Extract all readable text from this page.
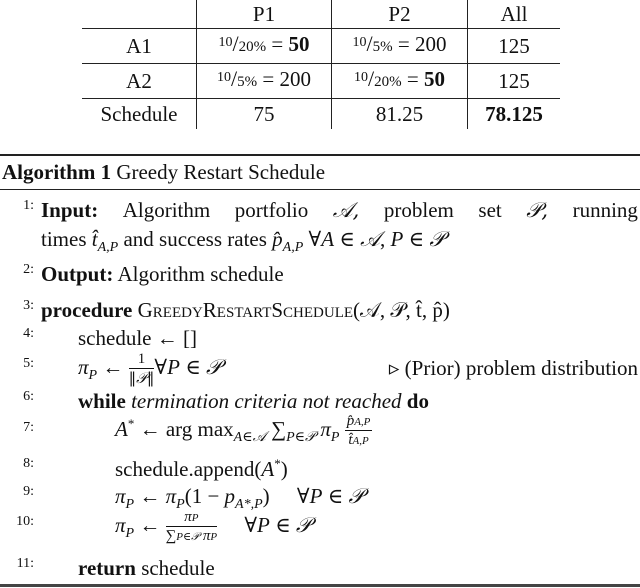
	P1	P2	All
A1	$^{10}$/20% = 50	$^{10}$/5% = 200	125
A2	$^{10}$/5% = 200	$^{10}$/20% = 50	125
Schedule	75	81.25	78.125
Algorithm 1 Greedy Restart Schedule
1: Input: Algorithm portfolio 𝒜, problem set 𝒫, running
times $t̂_{A,P}$ and success rates $p̂_{A,P}$ ∀A ∈ 𝒜, P ∈ 𝒫
2: Output: Algorithm schedule
3: procedure GreedyRestartSchedule(𝒜, 𝒫, t̂, p̂)
4: schedule ← []
5: $\pi_P$ ← 1
‖𝒫‖ ∀P ∈ 𝒫	▹ (Prior) problem distribution
6: while termination criteria not reached do
7:	A* ← arg $\max_{A\in 𝒜} \sum_{P\in 𝒫}$ $\pi_P \frac{p̂A,P}{t̂A,P}$
8:	schedule.append(A*)
9:	$\pi_P$ ← $\pi_P(1 - p_{A*,P})$ ∀P ∈ 𝒫
10:	$\pi_P$ ←	πP
∑P∈𝒫 πP
∀P ∈ 𝒫
11: return schedule
